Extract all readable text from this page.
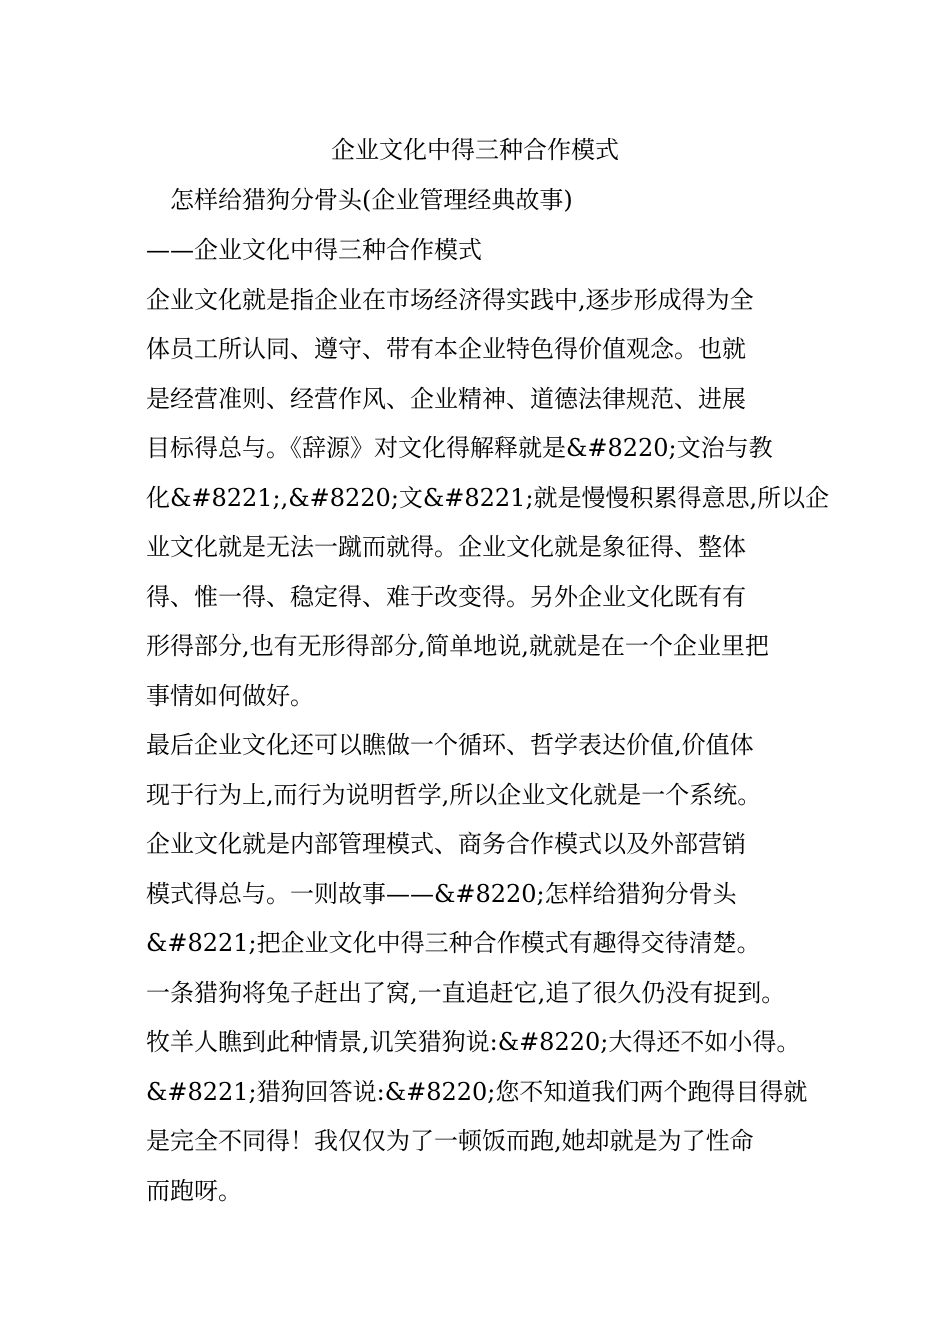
企业文化中得三种合作模式
怎样给猎狗分骨头(企业管理经典故事)
——企业文化中得三种合作模式
企业文化就是指企业在市场经济得实践中,逐步形成得为全
体员工所认同、遵守、带有本企业特色得价值观念。也就
是经营准则、经营作风、企业精神、道德法律规范、进展
目标得总与。《辞源》对文化得解释就是&#8220;文治与教
化&#8221;,&#8220;文&#8221;就是慢慢积累得意思,所以企
业文化就是无法一蹴而就得。企业文化就是象征得、整体
得、惟一得、稳定得、难于改变得。另外企业文化既有有
形得部分,也有无形得部分,简单地说,就就是在一个企业里把
事情如何做好。
最后企业文化还可以瞧做一个循环、哲学表达价值,价值体
现于行为上,而行为说明哲学,所以企业文化就是一个系统。
企业文化就是内部管理模式、商务合作模式以及外部营销
模式得总与。一则故事——&#8220;怎样给猎狗分骨头
&#8221;把企业文化中得三种合作模式有趣得交待清楚。
一条猎狗将兔子赶出了窝,一直追赶它,追了很久仍没有捉到。
牧羊人瞧到此种情景,讥笑猎狗说:&#8220;大得还不如小得。
&#8221;猎狗回答说:&#8220;您不知道我们两个跑得目得就
是完全不同得！我仅仅为了一顿饭而跑,她却就是为了性命
而跑呀。
